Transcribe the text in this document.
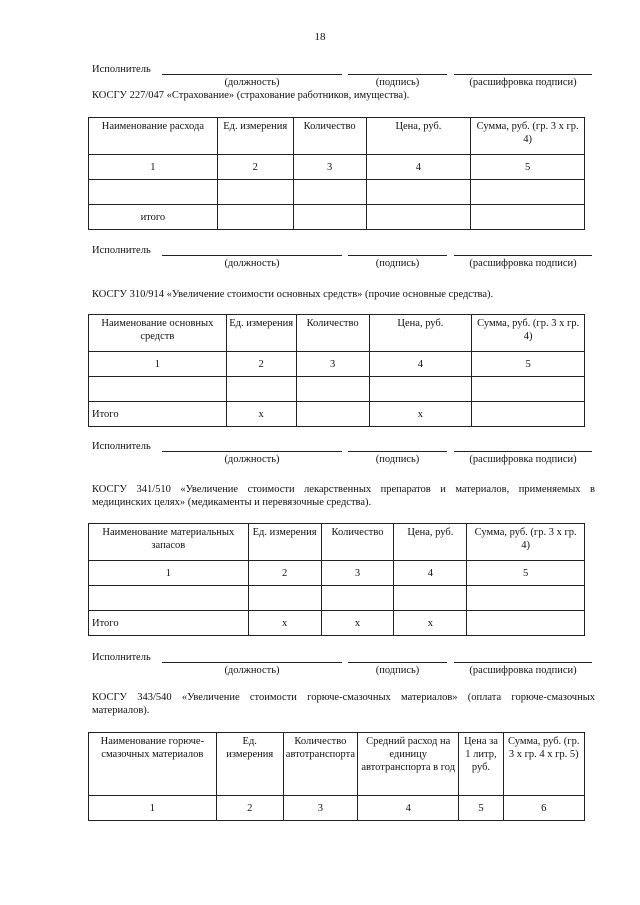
18
Исполнитель
(должность)	(подпись)	(расшифровка подписи)
КОСГУ 227/047 «Страхование» (страхование работников, имущества).
Наименование расхода	Ед. измерения	Количество	Цена, руб.	Сумма, руб. (гр. 3 х гр. 4)
1	2	3	4	5

итого				
Исполнитель
(должность)	(подпись)	(расшифровка подписи)
КОСГУ 310/914 «Увеличение стоимости основных средств» (прочие основные средства).
Наименование основных средств	Ед. измерения	Количество	Цена, руб.	Сумма, руб. (гр. 3 х гр. 4)
1	2	3	4	5

Итого	х		х	
Исполнитель
(должность)	(подпись)	(расшифровка подписи)
КОСГУ 341/510 «Увеличение стоимости лекарственных препаратов и материалов, применяемых в медицинских целях» (медикаменты и перевязочные средства).
Наименование материальных запасов	Ед. измерения	Количество	Цена, руб.	Сумма, руб. (гр. 3 х гр. 4)
1	2	3	4	5

Итого	х	х	х	
Исполнитель
(должность)	(подпись)	(расшифровка подписи)
КОСГУ 343/540 «Увеличение стоимости горюче-смазочных материалов» (оплата горюче-смазочных материалов).
Наименование горюче-смазочных материалов	Ед. измерения	Количество автотранспорта	Средний расход на единицу автотранспорта в год	Цена за 1 литр, руб.	Сумма, руб. (гр. 3 х гр. 4 х гр. 5)
1	2	3	4	5	6
